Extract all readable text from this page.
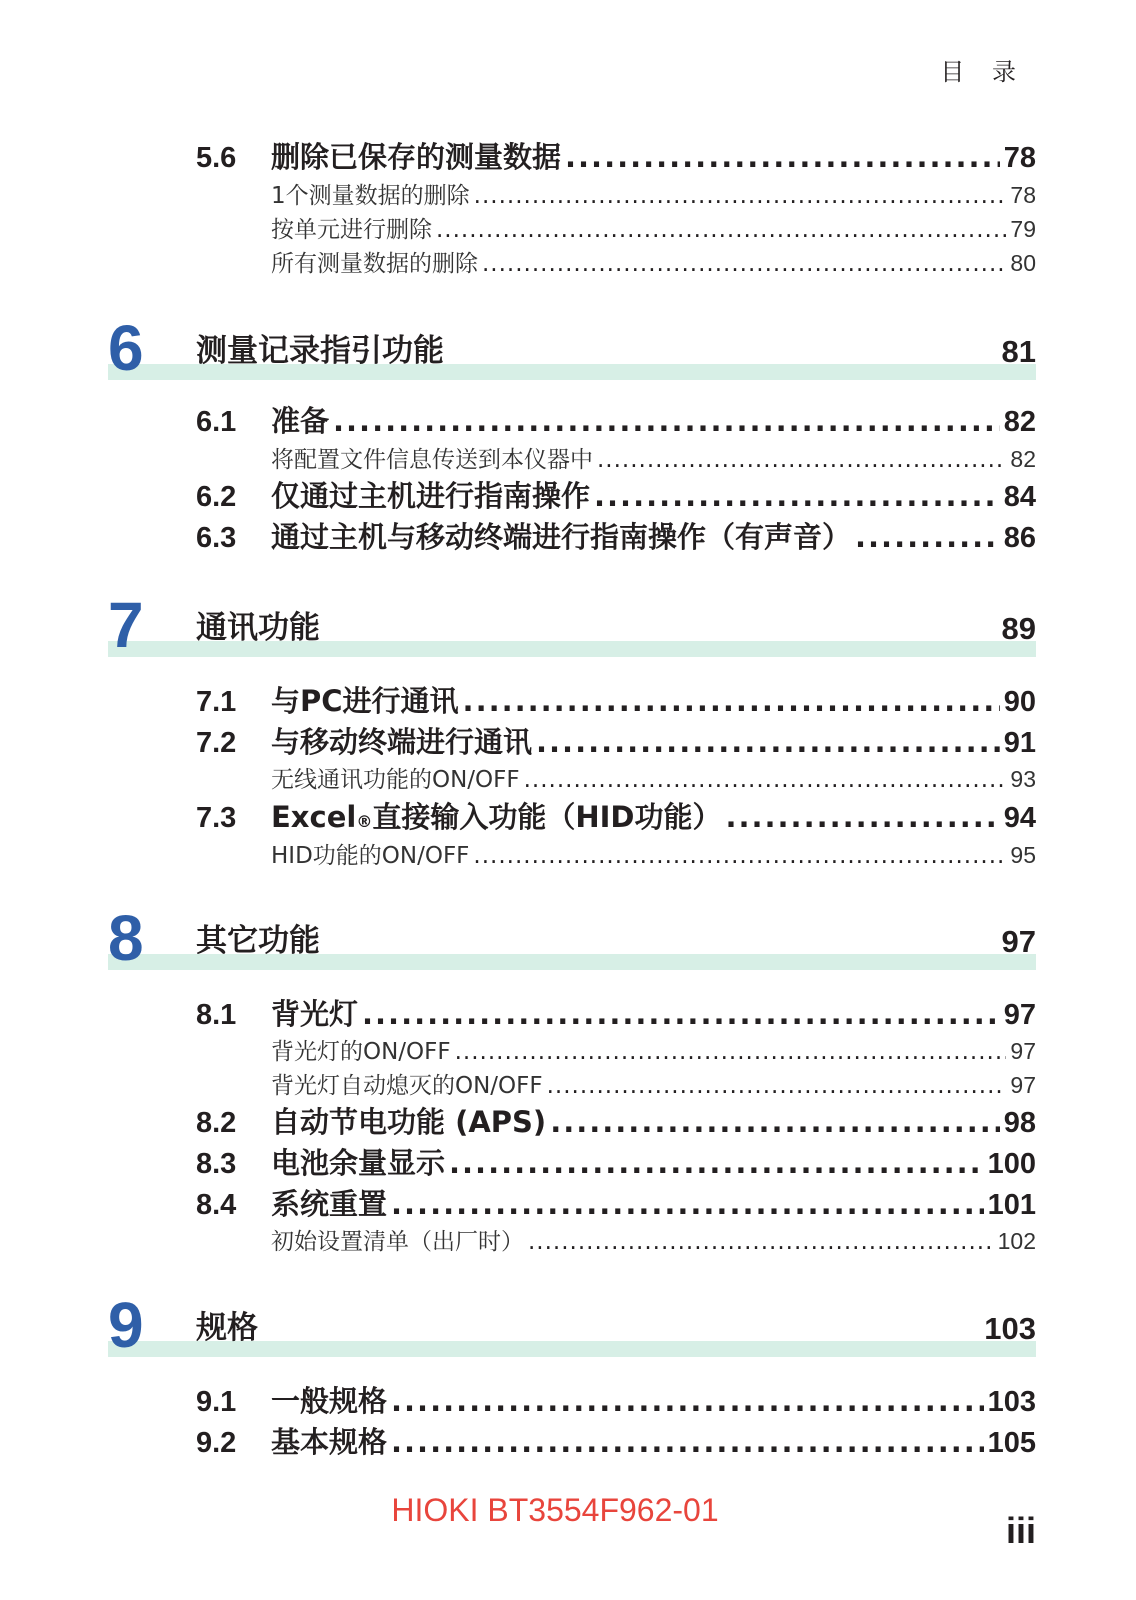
目 录
5.6	删除已保存的测量数据 .....	78
1个测量数据的删除 .....	78
按单元进行删除 .....	79
所有测量数据的删除 .....	80
6 测量记录指引功能	81
6.1	准备 .....	82
将配置文件信息传送到本仪器中 .....	82
6.2	仅通过主机进行指南操作 .....	84
6.3	通过主机与移动终端进行指南操作（有声音） .....	86
7 通讯功能	89
7.1	与PC进行通讯 .....	90
7.2	与移动终端进行通讯 .....	91
无线通讯功能的ON/OFF .....	93
7.3	Excel ® 直接输入功能（HID功能） .....	94
HID功能的ON/OFF .....	95
8 其它功能	97
8.1	背光灯 .....	97
背光灯的ON/OFF .....	97
背光灯自动熄灭的ON/OFF .....	97
8.2	自动节电功能 (APS) .....	98
8.3	电池余量显示 .....	100
8.4	系统重置 .....	101
初始设置清单（出厂时） .....	102
9 规格	103
9.1	一般规格 .....	103
9.2	基本规格 .....	105
HIOKI BT3554F962-01	iii
